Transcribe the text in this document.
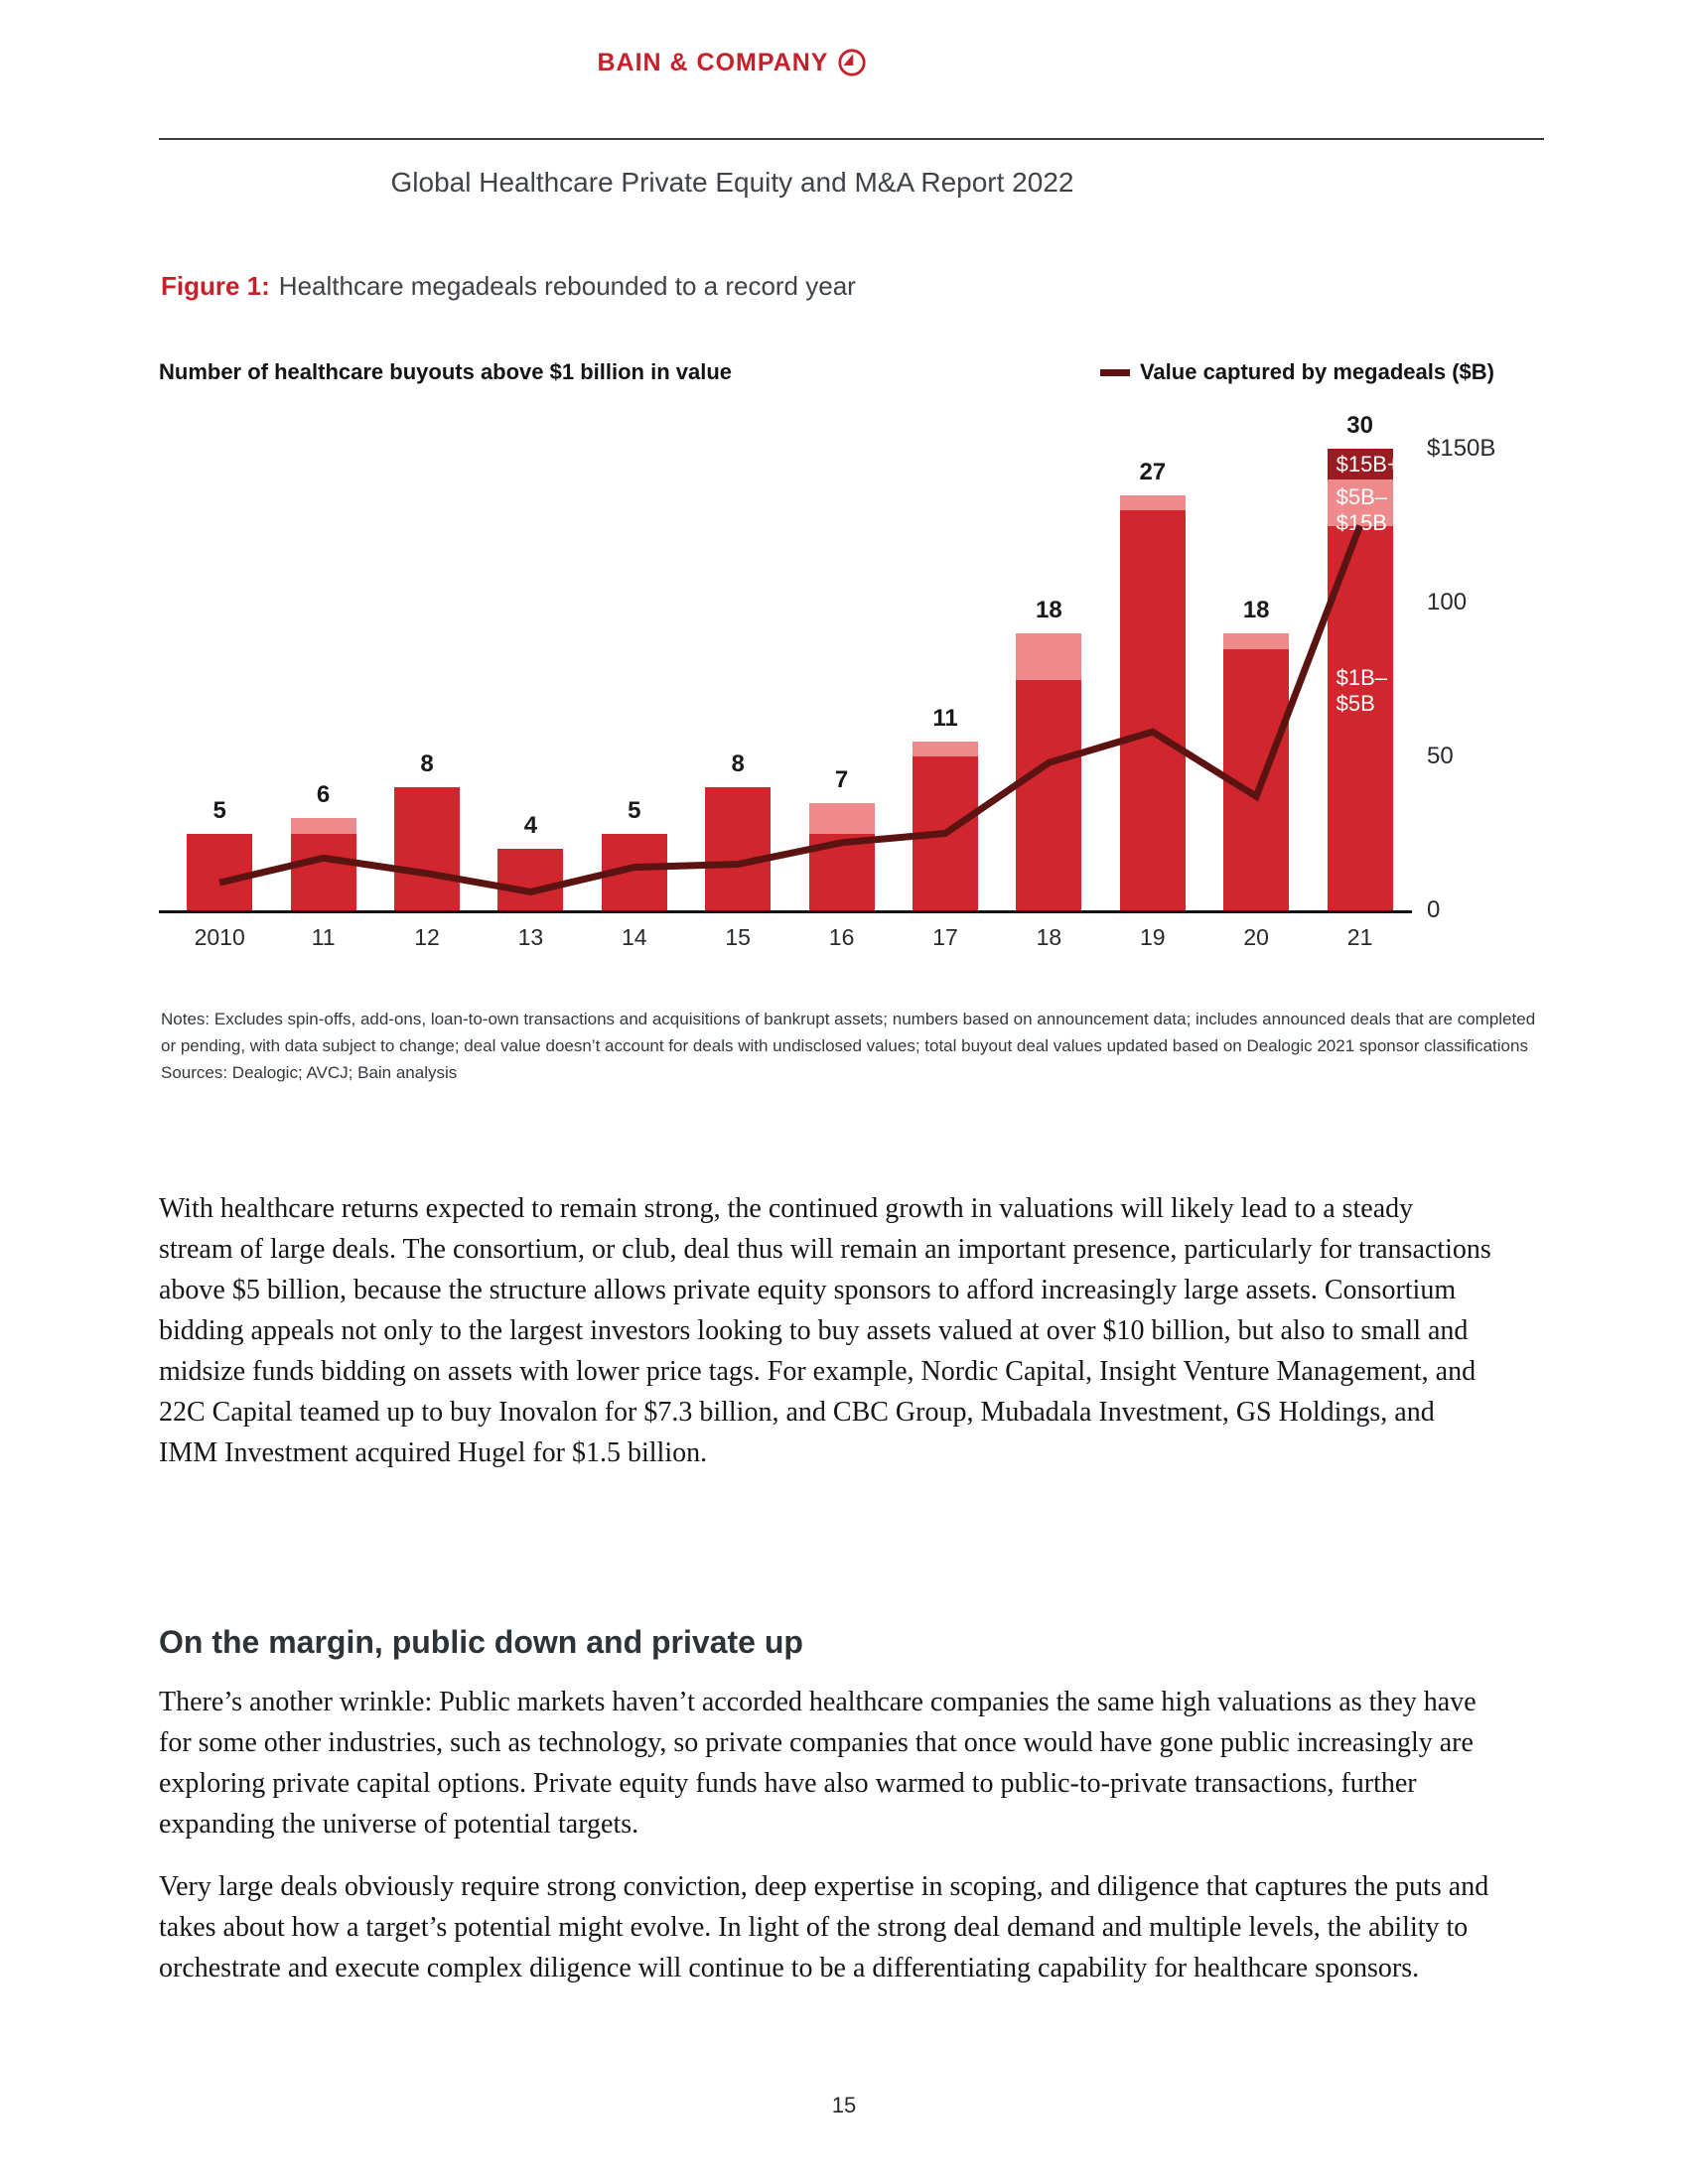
BAIN & COMPANY
Global Healthcare Private Equity and M&A Report 2022
Figure 1: Healthcare megadeals rebounded to a record year
Number of healthcare buyouts above $1 billion in value	Value captured by megadeals ($B)
5
6
8
4
5
8
7
11
18
27
18
$15B+
$5B–
$15B
$1B–
$5B
30
$150B
100
50
0
2010	11	12	13	14	15	16	17	18	19	20	21
Notes: Excludes spin-offs, add-ons, loan-to-own transactions and acquisitions of bankrupt assets; numbers based on announcement data; includes announced deals that are completed or pending, with data subject to change; deal value doesn’t account for deals with undisclosed values; total buyout deal values updated based on Dealogic 2021 sponsor classifications
Sources: Dealogic; AVCJ; Bain analysis

With healthcare returns expected to remain strong, the continued growth in valuations will likely lead to a steady stream of large deals. The consortium, or club, deal thus will remain an important presence, particularly for transactions above $5 billion, because the structure allows private equity sponsors to afford increasingly large assets. Consortium bidding appeals not only to the largest investors looking to buy assets valued at over $10 billion, but also to small and midsize funds bidding on assets with lower price tags. For example, Nordic Capital, Insight Venture Management, and 22C Capital teamed up to buy Inovalon for $7.3 billion, and CBC Group, Mubadala Investment, GS Holdings, and IMM Investment acquired Hugel for $1.5 billion.

On the margin, public down and private up

There’s another wrinkle: Public markets haven’t accorded healthcare companies the same high valuations as they have for some other industries, such as technology, so private companies that once would have gone public increasingly are exploring private capital options. Private equity funds have also warmed to public-to-private transactions, further expanding the universe of potential targets.

Very large deals obviously require strong conviction, deep expertise in scoping, and diligence that captures the puts and takes about how a target’s potential might evolve. In light of the strong deal demand and multiple levels, the ability to orchestrate and execute complex diligence will continue to be a differentiating capability for healthcare sponsors.

15
